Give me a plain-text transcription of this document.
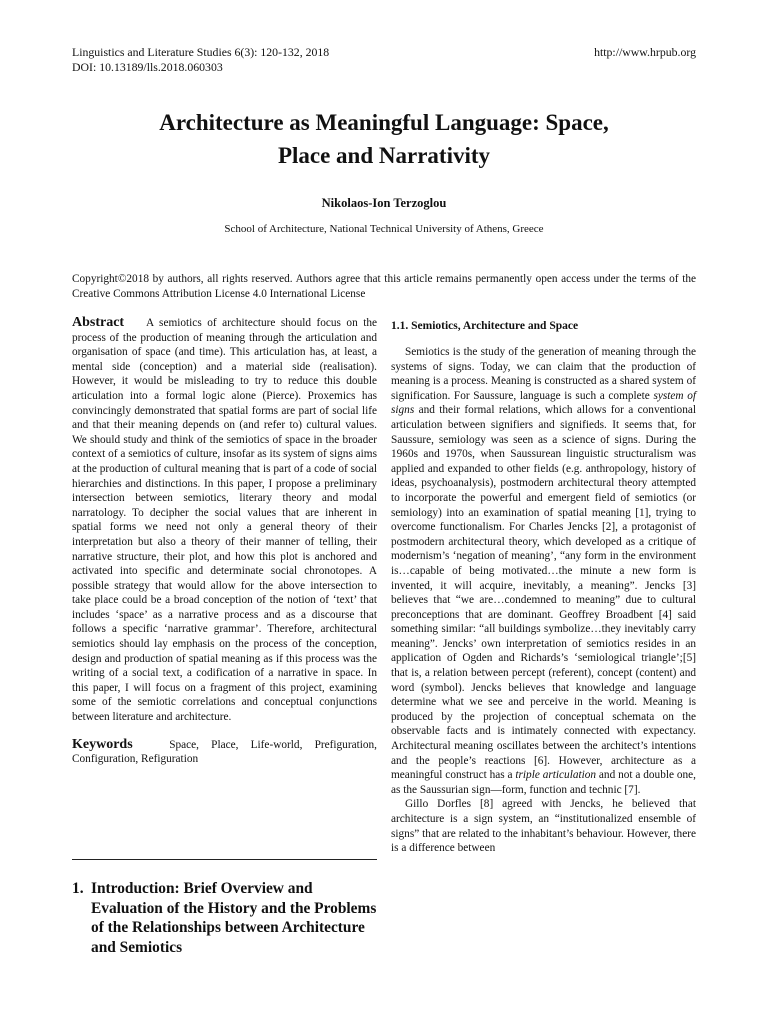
Linguistics and Literature Studies 6(3): 120-132, 2018	http://www.hrpub.org
DOI: 10.13189/lls.2018.060303
Architecture as Meaningful Language: Space,
Place and Narrativity
Nikolaos-Ion Terzoglou
School of Architecture, National Technical University of Athens, Greece
Copyright©2018 by authors, all rights reserved. Authors agree that this article remains permanently open access under the terms of the Creative Commons Attribution License 4.0 International License

Abstract A semiotics of architecture should focus on the process of the production of meaning through the articulation and organisation of space (and time). This articulation has, at least, a mental side (conception) and a material side (realisation). However, it would be misleading to try to reduce this double articulation into a formal logic alone (Pierce). Proxemics has convincingly demonstrated that spatial forms are part of social life and that their meaning depends on (and refer to) cultural values. We should study and think of the semiotics of space in the broader context of a semiotics of culture, insofar as its system of signs aims at the production of cultural meaning that is part of a code of social hierarchies and distinctions. In this paper, I propose a preliminary intersection between semiotics, literary theory and modal narratology. To decipher the social values that are inherent in spatial forms we need not only a general theory of their interpretation but also a theory of their manner of telling, their narrative structure, their plot, and how this plot is anchored and activated into specific and determinate social chronotopes. A possible strategy that would allow for the above intersection to take place could be a broad conception of the notion of ‘text’ that includes ‘space’ as a narrative process and as a discourse that follows a specific ‘narrative grammar’. Therefore, architectural semiotics should lay emphasis on the process of the conception, design and production of spatial meaning as if this process was the writing of a social text, a codification of a narrative in space. In this paper, I will focus on a fragment of this project, examining some of the semiotic correlations and conceptual conjunctions between literature and architecture.

Keywords	Space, Place, Life-world, Prefiguration, Configuration, Refiguration

1. Introduction: Brief Overview and Evaluation of the History and the Problems of the Relationships between Architecture and Semiotics
1.1. Semiotics, Architecture and Space

Semiotics is the study of the generation of meaning through the systems of signs. Today, we can claim that the production of meaning is a process. Meaning is constructed as a shared system of signification. For Saussure, language is such a complete system of signs and their formal relations, which allows for a conventional articulation between signifiers and signifieds. It seems that, for Saussure, semiology was seen as a science of signs. During the 1960s and 1970s, when Saussurean linguistic structuralism was applied and expanded to other fields (e.g. anthropology, history of ideas, psychoanalysis), postmodern architectural theory attempted to incorporate the powerful and emergent field of semiotics (or semiology) into an examination of spatial meaning [1], trying to overcome functionalism. For Charles Jencks [2], a protagonist of postmodern architectural theory, which developed as a critique of modernism’s ‘negation of meaning’, “any form in the environment is…capable of being motivated…the minute a new form is invented, it will acquire, inevitably, a meaning”. Jencks [3] believes that “we are…condemned to meaning” due to cultural preconceptions that are dominant. Geoffrey Broadbent [4] said something similar: “all buildings symbolize…they inevitably carry meaning”. Jencks’ own interpretation of semiotics resides in an application of Ogden and Richards’s ‘semiological triangle’;[5] that is, a relation between percept (referent), concept (content) and word (symbol). Jencks believes that knowledge and language determine what we see and perceive in the world. Meaning is produced by the projection of conceptual schemata on the observable facts and is intimately connected with expectancy. Architectural meaning oscillates between the architect’s intentions and the people’s reactions [6]. However, architecture as a meaningful construct has a triple articulation and not a double one, as the Saussurian sign—form, function and technic [7].

Gillo Dorfles [8] agreed with Jencks, he believed that architecture is a sign system, an “institutionalized ensemble of signs” that are related to the inhabitant’s behaviour. However, there is a difference between
